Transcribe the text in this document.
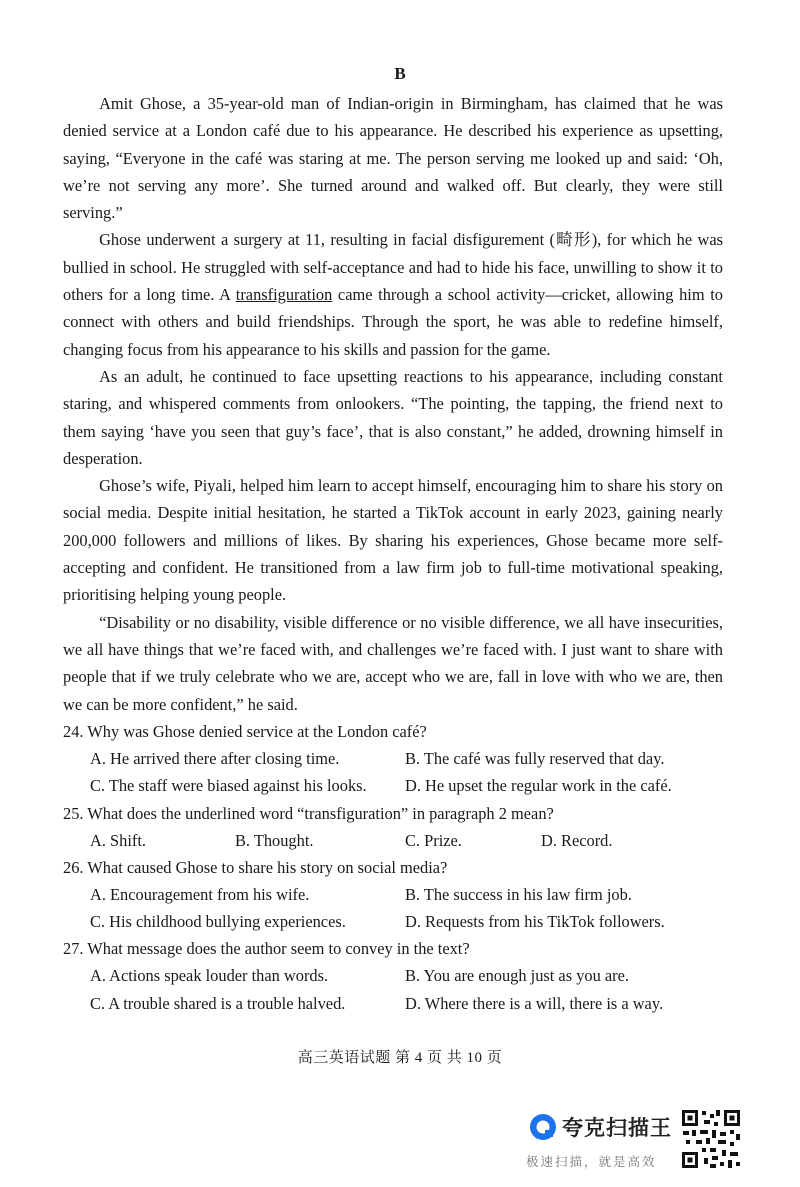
B

Amit Ghose, a 35-year-old man of Indian-origin in Birmingham, has claimed that he was denied service at a London café due to his appearance. He described his experience as upsetting, saying, “Everyone in the café was staring at me. The person serving me looked up and said: ‘Oh, we’re not serving any more’. She turned around and walked off. But clearly, they were still serving.”

Ghose underwent a surgery at 11, resulting in facial disfigurement (畸形), for which he was bullied in school. He struggled with self-acceptance and had to hide his face, unwilling to show it to others for a long time. A transfiguration came through a school activity—cricket, allowing him to connect with others and build friendships. Through the sport, he was able to redefine himself, changing focus from his appearance to his skills and passion for the game.

As an adult, he continued to face upsetting reactions to his appearance, including constant staring, and whispered comments from onlookers. “The pointing, the tapping, the friend next to them saying ‘have you seen that guy’s face’, that is also constant,” he added, drowning himself in desperation.

Ghose’s wife, Piyali, helped him learn to accept himself, encouraging him to share his story on social media. Despite initial hesitation, he started a TikTok account in early 2023, gaining nearly 200,000 followers and millions of likes. By sharing his experiences, Ghose became more self-accepting and confident. He transitioned from a law firm job to full-time motivational speaking, prioritising helping young people.

“Disability or no disability, visible difference or no visible difference, we all have insecurities, we all have things that we’re faced with, and challenges we’re faced with. I just want to share with people that if we truly celebrate who we are, accept who we are, fall in love with who we are, then we can be more confident,” he said.

24. Why was Ghose denied service at the London café?
A. He arrived there after closing time.	B. The café was fully reserved that day.
C. The staff were biased against his looks. D. He upset the regular work in the café.
25. What does the underlined word “transfiguration” in paragraph 2 mean?
A. Shift.	B. Thought.	C. Prize.	D. Record.
26. What caused Ghose to share his story on social media?
A. Encouragement from his wife.	B. The success in his law firm job.
C. His childhood bullying experiences.	D. Requests from his TikTok followers.
27. What message does the author seem to convey in the text?
A. Actions speak louder than words.	B. You are enough just as you are.
C. A trouble shared is a trouble halved.	D. Where there is a will, there is a way.
高三英语试题 第 4 页 共 10 页
夸克扫描王
极速扫描，就是高效
